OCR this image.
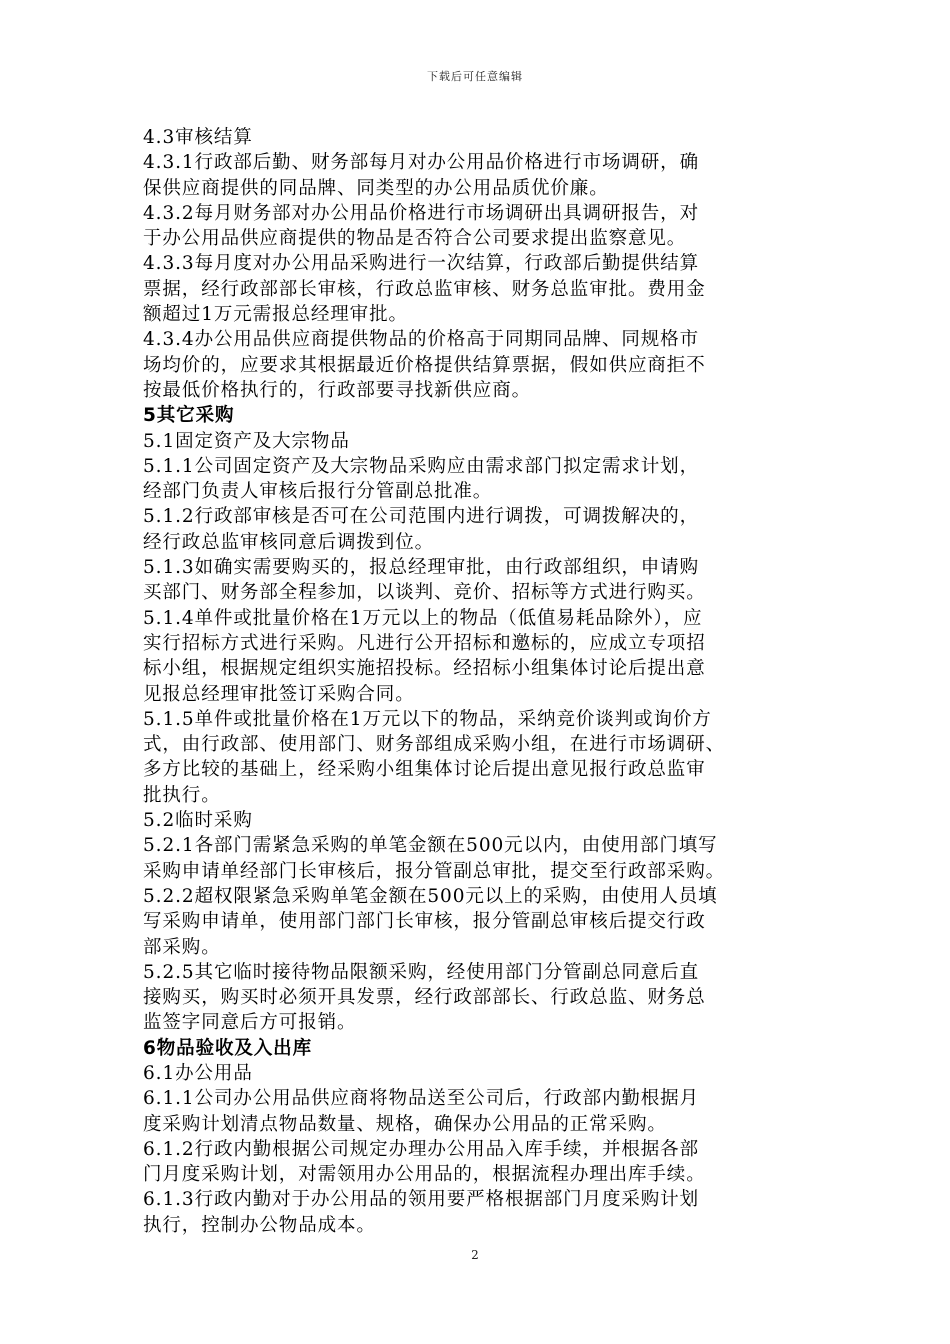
下载后可任意编辑
4.3审核结算
4.3.1行政部后勤、财务部每月对办公用品价格进行市场调研，确
保供应商提供的同品牌、同类型的办公用品质优价廉。
4.3.2每月财务部对办公用品价格进行市场调研出具调研报告，对
于办公用品供应商提供的物品是否符合公司要求提出监察意见。
4.3.3每月度对办公用品采购进行一次结算，行政部后勤提供结算
票据，经行政部部长审核，行政总监审核、财务总监审批。费用金
额超过1万元需报总经理审批。
4.3.4办公用品供应商提供物品的价格高于同期同品牌、同规格市
场均价的，应要求其根据最近价格提供结算票据，假如供应商拒不
按最低价格执行的，行政部要寻找新供应商。
5其它采购
5.1固定资产及大宗物品
5.1.1公司固定资产及大宗物品采购应由需求部门拟定需求计划，
经部门负责人审核后报行分管副总批准。
5.1.2行政部审核是否可在公司范围内进行调拨，可调拨解决的，
经行政总监审核同意后调拨到位。
5.1.3如确实需要购买的，报总经理审批，由行政部组织，申请购
买部门、财务部全程参加，以谈判、竞价、招标等方式进行购买。
5.1.4单件或批量价格在1万元以上的物品（低值易耗品除外），应
实行招标方式进行采购。凡进行公开招标和邀标的，应成立专项招
标小组，根据规定组织实施招投标。经招标小组集体讨论后提出意
见报总经理审批签订采购合同。
5.1.5单件或批量价格在1万元以下的物品，采纳竞价谈判或询价方
式，由行政部、使用部门、财务部组成采购小组，在进行市场调研、
多方比较的基础上，经采购小组集体讨论后提出意见报行政总监审
批执行。
5.2临时采购
5.2.1各部门需紧急采购的单笔金额在500元以内，由使用部门填写
采购申请单经部门长审核后，报分管副总审批，提交至行政部采购。
5.2.2超权限紧急采购单笔金额在500元以上的采购，由使用人员填
写采购申请单，使用部门部门长审核，报分管副总审核后提交行政
部采购。
5.2.5其它临时接待物品限额采购，经使用部门分管副总同意后直
接购买，购买时必须开具发票，经行政部部长、行政总监、财务总
监签字同意后方可报销。
6物品验收及入出库
6.1办公用品
6.1.1公司办公用品供应商将物品送至公司后，行政部内勤根据月
度采购计划清点物品数量、规格，确保办公用品的正常采购。
6.1.2行政内勤根据公司规定办理办公用品入库手续，并根据各部
门月度采购计划，对需领用办公用品的，根据流程办理出库手续。
6.1.3行政内勤对于办公用品的领用要严格根据部门月度采购计划
执行，控制办公物品成本。
2
